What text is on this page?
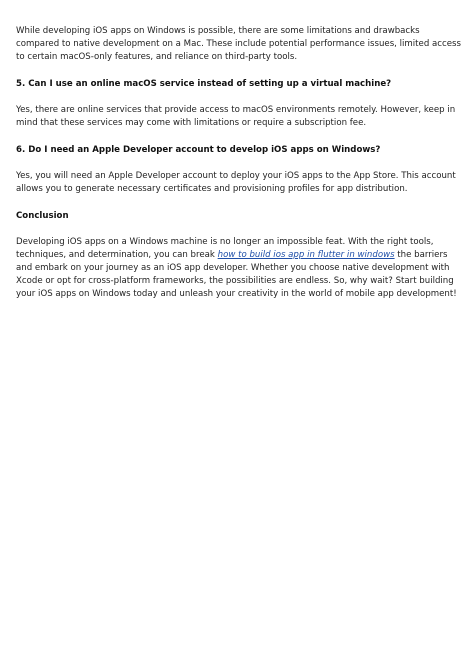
While developing iOS apps on Windows is possible, there are some limitations and drawbacks compared to native development on a Mac. These include potential performance issues, limited access to certain macOS-only features, and reliance on third-party tools.

5. Can I use an online macOS service instead of setting up a virtual machine?

Yes, there are online services that provide access to macOS environments remotely. However, keep in mind that these services may come with limitations or require a subscription fee.

6. Do I need an Apple Developer account to develop iOS apps on Windows?

Yes, you will need an Apple Developer account to deploy your iOS apps to the App Store. This account allows you to generate necessary certificates and provisioning profiles for app distribution.

Conclusion

Developing iOS apps on a Windows machine is no longer an impossible feat. With the right tools, techniques, and determination, you can break how to build ios app in flutter in windows the barriers and embark on your journey as an iOS app developer. Whether you choose native development with Xcode or opt for cross-platform frameworks, the possibilities are endless. So, why wait? Start building your iOS apps on Windows today and unleash your creativity in the world of mobile app development!
